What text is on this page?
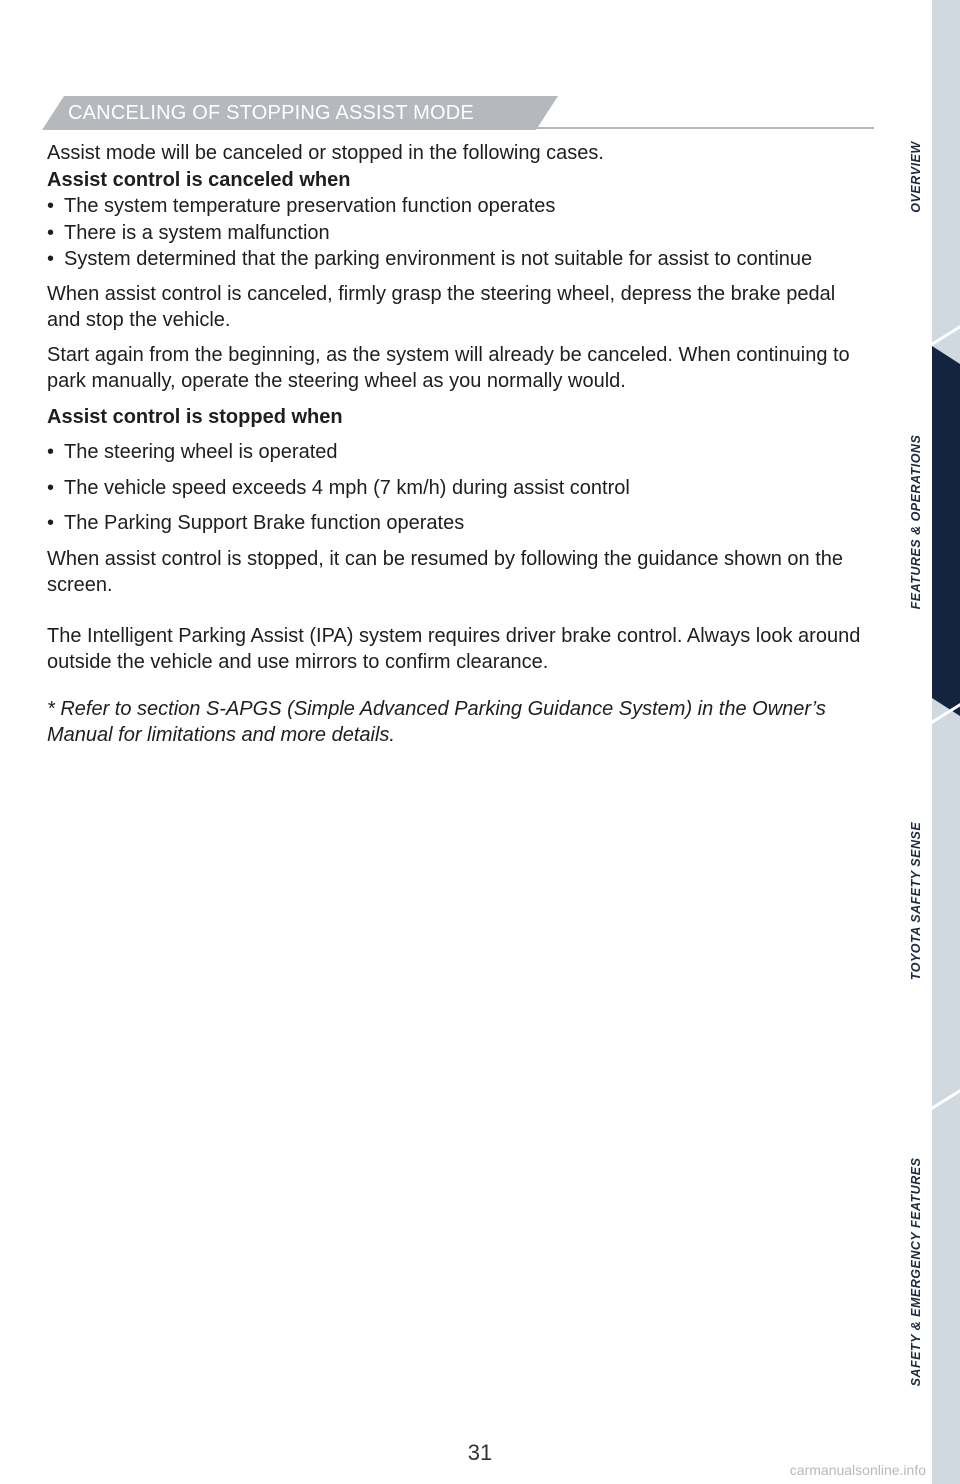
CANCELING OF STOPPING ASSIST MODE

Assist mode will be canceled or stopped in the following cases.

Assist control is canceled when

• The system temperature preservation function operates
• There is a system malfunction
• System determined that the parking environment is not suitable for assist to continue

When assist control is canceled, firmly grasp the steering wheel, depress the brake pedal and stop the vehicle.

Start again from the beginning, as the system will already be canceled. When continuing to park manually, operate the steering wheel as you normally would.

Assist control is stopped when

• The steering wheel is operated
• The vehicle speed exceeds 4 mph (7 km/h) during assist control
• The Parking Support Brake function operates

When assist control is stopped, it can be resumed by following the guidance shown on the screen.

The Intelligent Parking Assist (IPA) system requires driver brake control. Always look around outside the vehicle and use mirrors to confirm clearance.

* Refer to section S-APGS (Simple Advanced Parking Guidance System) in the Owner’s Manual for limitations and more details.

OVERVIEW
FEATURES & OPERATIONS
TOYOTA SAFETY SENSE
SAFETY & EMERGENCY FEATURES
31
carmanualsonline.info
